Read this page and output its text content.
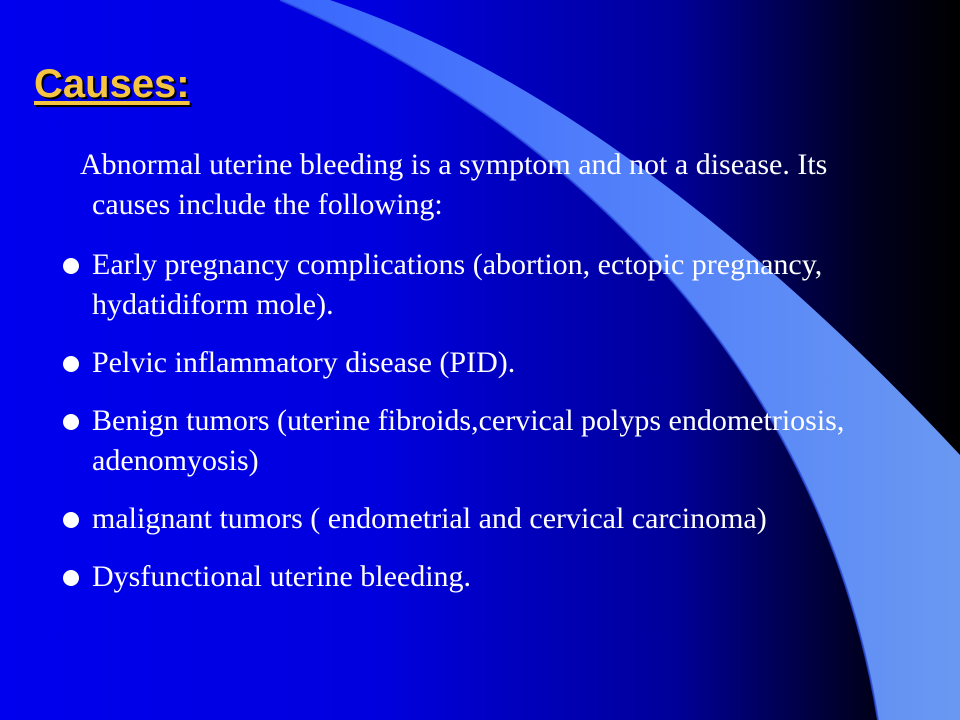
Causes:

Abnormal uterine bleeding is a symptom and not a disease. Its causes include the following:

Early pregnancy complications (abortion, ectopic pregnancy, hydatidiform mole).
Pelvic inflammatory disease (PID).
Benign tumors (uterine fibroids,cervical polyps endometriosis, adenomyosis)
malignant tumors ( endometrial and cervical carcinoma)
Dysfunctional uterine bleeding.
